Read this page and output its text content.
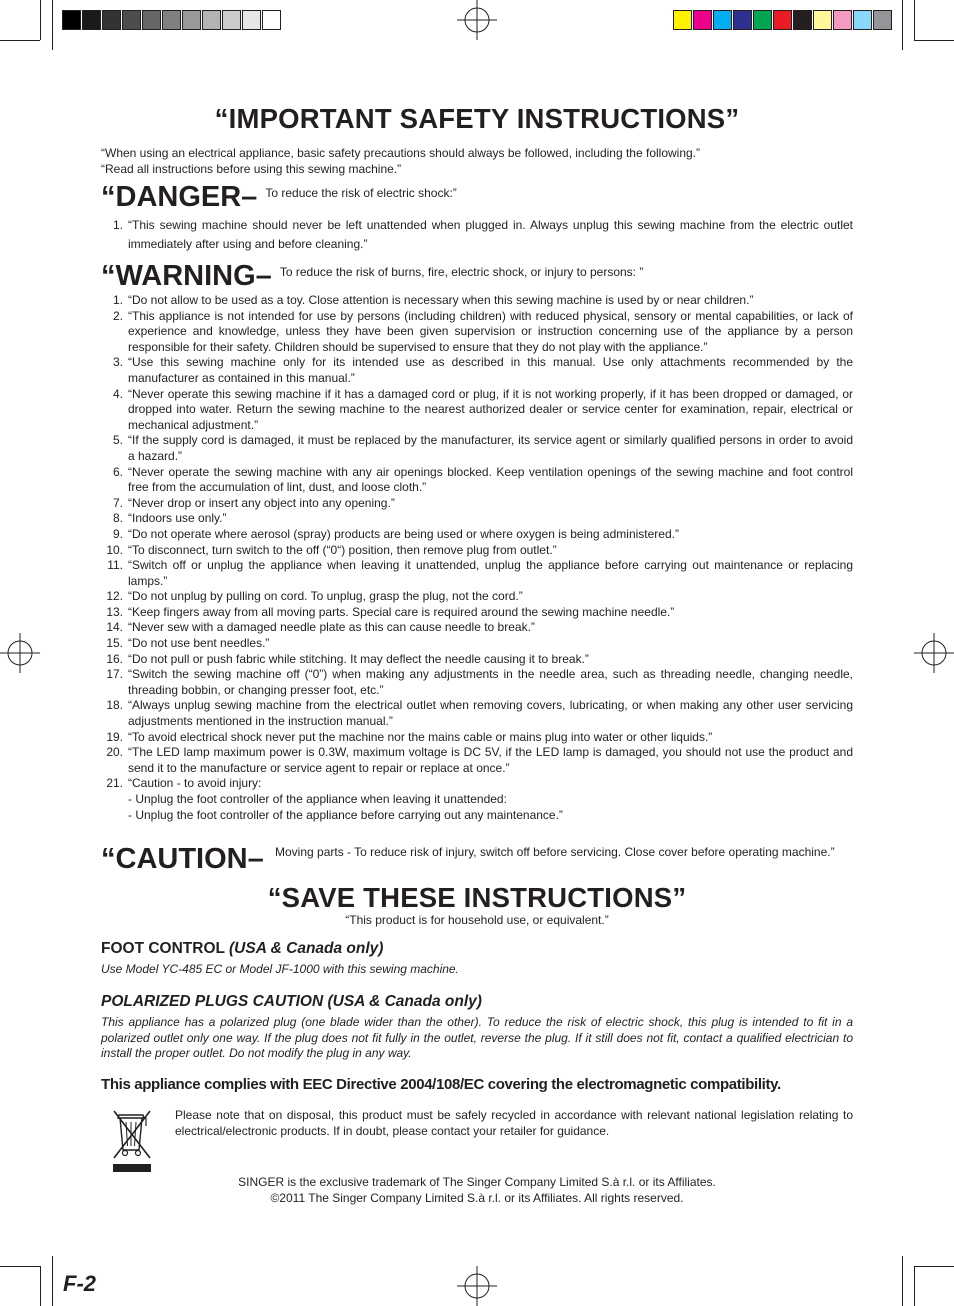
“IMPORTANT SAFETY INSTRUCTIONS”
“When using an electrical appliance, basic safety precautions should always be followed, including the following.”
“Read all instructions before using this sewing machine.”
“DANGER– To reduce the risk of electric shock:”
1. “This sewing machine should never be left unattended when plugged in. Always unplug this sewing machine from the electric outlet immediately after using and before cleaning.”
“WARNING– To reduce the risk of burns, fire, electric shock, or injury to persons: ”
1. “Do not allow to be used as a toy. Close attention is necessary when this sewing machine is used by or near children.”
2. “This appliance is not intended for use by persons (including children) with reduced physical, sensory or mental capabilities, or lack of experience and knowledge, unless they have been given supervision or instruction concerning use of the appliance by a person responsible for their safety. Children should be supervised to ensure that they do not play with the appliance.”
3. “Use this sewing machine only for its intended use as described in this manual. Use only attachments recommended by the manufacturer as contained in this manual.”
4. “Never operate this sewing machine if it has a damaged cord or plug, if it is not working properly, if it has been dropped or damaged, or dropped into water. Return the sewing machine to the nearest authorized dealer or service center for examination, repair, electrical or mechanical adjustment.”
5. “If the supply cord is damaged, it must be replaced by the manufacturer, its service agent or similarly qualified persons in order to avoid a hazard.”
6. “Never operate the sewing machine with any air openings blocked. Keep ventilation openings of the sewing machine and foot control free from the accumulation of lint, dust, and loose cloth.”
7. “Never drop or insert any object into any opening.”
8. “Indoors use only.”
9. “Do not operate where aerosol (spray) products are being used or where oxygen is being administered.”
10. “To disconnect, turn switch to the off (“0“) position, then remove plug from outlet.”
11. “Switch off or unplug the appliance when leaving it unattended, unplug the appliance before carrying out maintenance or replacing lamps.”
12. “Do not unplug by pulling on cord. To unplug, grasp the plug, not the cord.”
13. “Keep fingers away from all moving parts. Special care is required around the sewing machine needle.”
14. “Never sew with a damaged needle plate as this can cause needle to break.”
15. “Do not use bent needles.”
16. “Do not pull or push fabric while stitching. It may deflect the needle causing it to break.”
17. “Switch the sewing machine off (“0”) when making any adjustments in the needle area, such as threading needle, changing needle, threading bobbin, or changing presser foot, etc.”
18. “Always unplug sewing machine from the electrical outlet when removing covers, lubricating, or when making any other user servicing adjustments mentioned in the instruction manual.”
19. “To avoid electrical shock never put the machine nor the mains cable or mains plug into water or other liquids.”
20. “The LED lamp maximum power is 0.3W, maximum voltage is DC 5V, if the LED lamp is damaged, you should not use the product and send it to the manufacture or service agent to repair or replace at once.”
21. “Caution - to avoid injury:
- Unplug the foot controller of the appliance when leaving it unattended:
- Unplug the foot controller of the appliance before carrying out any maintenance.”
“CAUTION– Moving parts - To reduce risk of injury, switch off before servicing. Close cover before operating machine.”
“SAVE THESE INSTRUCTIONS”
“This product is for household use, or equivalent.”
FOOT CONTROL (USA & Canada only)
Use Model YC-485 EC or Model JF-1000 with this sewing machine.
POLARIZED PLUGS CAUTION (USA & Canada only)
This appliance has a polarized plug (one blade wider than the other). To reduce the risk of electric shock, this plug is intended to fit in a polarized outlet only one way. If the plug does not fit fully in the outlet, reverse the plug. If it still does not fit, contact a qualified electrician to install the proper outlet. Do not modify the plug in any way.
This appliance complies with EEC Directive 2004/108/EC covering the electromagnetic compatibility.
Please note that on disposal, this product must be safely recycled in accordance with relevant national legislation relating to electrical/electronic products. If in doubt, please contact your retailer for guidance.
SINGER is the exclusive trademark of The Singer Company Limited S.à r.l. or its Affiliates.
©2011 The Singer Company Limited S.à r.l. or its Affiliates. All rights reserved.
F-2
